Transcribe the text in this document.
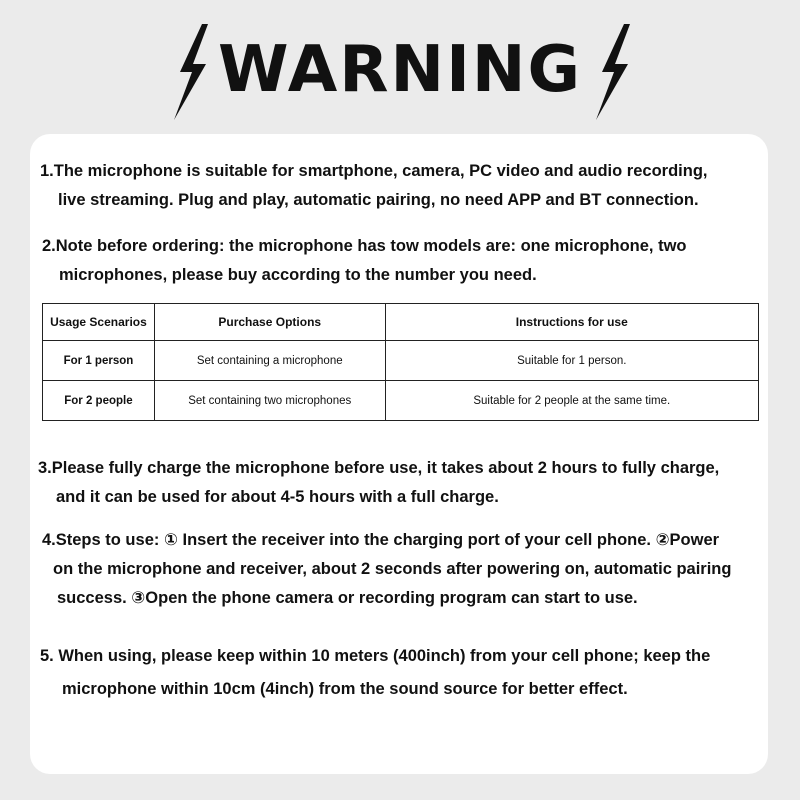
WARNING
1.The microphone is suitable for smartphone, camera, PC video and audio recording,
live streaming. Plug and play, automatic pairing, no need APP and BT connection.
2.Note before ordering: the microphone has tow models are: one microphone, two
microphones, please buy according to the number you need.
Usage Scenarios	Purchase Options	Instructions for use
For 1 person	Set containing a microphone	Suitable for 1 person.
For 2 people	Set containing two microphones	Suitable for 2 people at the same time.
3.Please fully charge the microphone before use, it takes about 2 hours to fully charge,
and it can be used for about 4-5 hours with a full charge.
4.Steps to use: ① Insert the receiver into the charging port of your cell phone. ②Power
on the microphone and receiver, about 2 seconds after powering on, automatic pairing
success. ③Open the phone camera or recording program can start to use.
5. When using, please keep within 10 meters (400inch) from your cell phone; keep the
microphone within 10cm (4inch) from the sound source for better effect.
